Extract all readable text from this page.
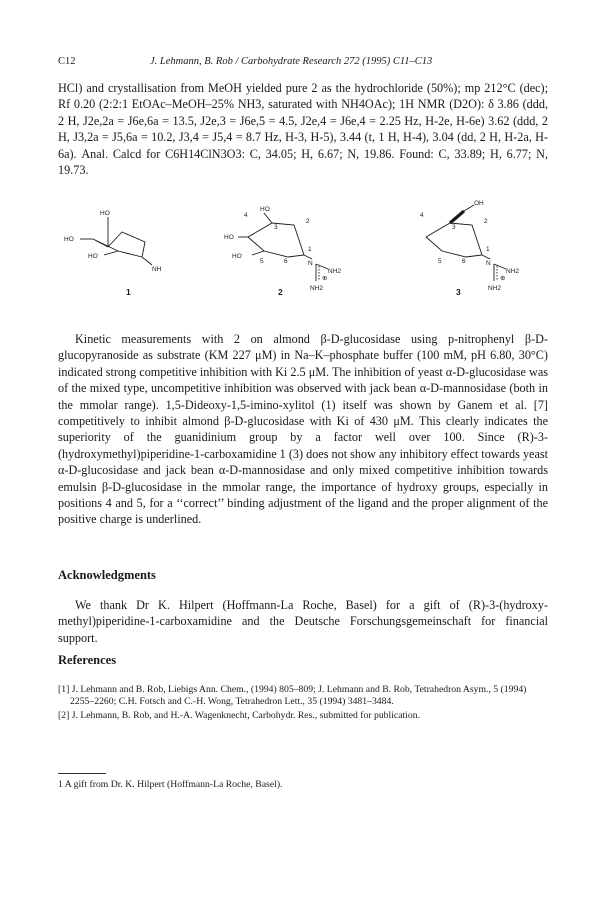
C12	J. Lehmann, B. Rob / Carbohydrate Research 272 (1995) C11–C13
HCl) and crystallisation from MeOH yielded pure 2 as the hydrochloride (50%); mp 212°C (dec); Rf 0.20 (2:2:1 EtOAc–MeOH–25% NH3, saturated with NH4OAc); 1H NMR (D2O): δ 3.86 (ddd, 2 H, J2e,2a = J6e,6a = 13.5, J2e,3 = J6e,5 = 4.5, J2e,4 = J6e,4 = 2.25 Hz, H-2e, H-6e) 3.62 (ddd, 2 H, J3,2a = J5,6a = 10.2, J3,4 = J5,4 = 8.7 Hz, H-3, H-5), 3.44 (t, 1 H, H-4), 3.04 (dd, 2 H, H-2a, H-6a). Anal. Calcd for C6H14ClN3O3: C, 34.05; H, 6.67; N, 19.86. Found: C, 33.89; H, 6.77; N, 19.73.
HO
HO
HO
NH
1
HO
HO
HO
4
3
2
1
5	6	N
NH2
⊕
NH2
2
OH
4
3
2
1
5	6	N
NH2
⊕
NH2
3
Kinetic measurements with 2 on almond β-D-glucosidase using p-nitrophenyl β-D-glucopyranoside as substrate (KM 227 μM) in Na–K–phosphate buffer (100 mM, pH 6.80, 30°C) indicated strong competitive inhibition with Ki 2.5 μM. The inhibition of yeast α-D-glucosidase was of the mixed type, uncompetitive inhibition was observed with jack bean α-D-mannosidase (both in the mmolar range). 1,5-Dideoxy-1,5-imino-xylitol (1) itself was shown by Ganem et al. [7] competitively to inhibit almond β-D-glucosidase with Ki of 430 μM. This clearly indicates the superiority of the guanidinium group by a factor well over 100. Since (R)-3-(hydroxymethyl)piperidine-1-carboxamidine 1 (3) does not show any inhibitory effect towards yeast α-D-glucosidase and jack bean α-D-mannosidase and only mixed competitive inhibition towards emulsin β-D-glucosidase in the mmolar range, the importance of hydroxy groups, especially in positions 4 and 5, for a ‘‘correct’’ binding adjustment of the ligand and the proper alignment of the positive charge is underlined.
Acknowledgments
We thank Dr K. Hilpert (Hoffmann-La Roche, Basel) for a gift of (R)-3-(hydroxy-methyl)piperidine-1-carboxamidine and the Deutsche Forschungsgemeinschaft for financial support.
References
[1] J. Lehmann and B. Rob, Liebigs Ann. Chem., (1994) 805–809; J. Lehmann and B. Rob, Tetrahedron Asym., 5 (1994) 2255–2260; C.H. Fotsch and C.-H. Wong, Tetrahedron Lett., 35 (1994) 3481–3484.
[2] J. Lehmann, B. Rob, and H.-A. Wagenknecht, Carbohydr. Res., submitted for publication.
1 A gift from Dr. K. Hilpert (Hoffmann-La Roche, Basel).
